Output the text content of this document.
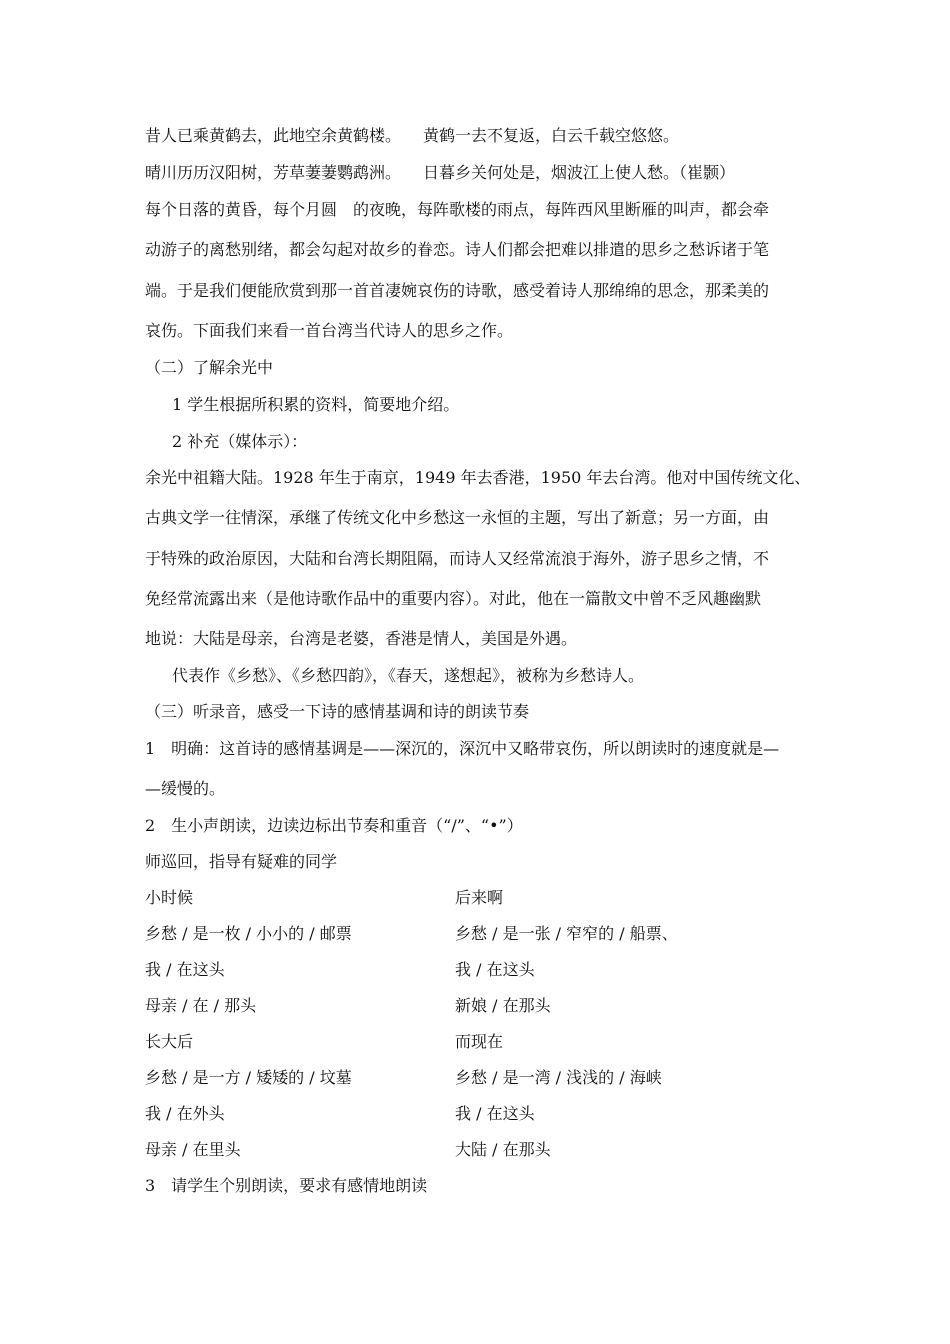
昔人已乘黄鹤去，此地空余黄鹤楼。 黄鹤一去不复返，白云千载空悠悠。
晴川历历汉阳树，芳草萋萋鹦鹉洲。 日暮乡关何处是，烟波江上使人愁。（崔颢）
每个日落的黄昏，每个月圆　的夜晚，每阵歌楼的雨点，每阵西风里断雁的叫声，都会牵
动游子的离愁别绪，都会勾起对故乡的眷恋。诗人们都会把难以排遣的思乡之愁诉诸于笔
端。于是我们便能欣赏到那一首首凄婉哀伤的诗歌，感受着诗人那绵绵的思念，那柔美的
哀伤。下面我们来看一首台湾当代诗人的思乡之作。
（二）了解余光中
1 学生根据所积累的资料，简要地介绍。
2 补充（媒体示）：
余光中祖籍大陆。1928 年生于南京，1949 年去香港，1950 年去台湾。他对中国传统文化、
古典文学一往情深，承继了传统文化中乡愁这一永恒的主题，写出了新意；另一方面，由
于特殊的政治原因，大陆和台湾长期阻隔，而诗人又经常流浪于海外，游子思乡之情，不
免经常流露出来（是他诗歌作品中的重要内容）。对此，他在一篇散文中曾不乏风趣幽默
地说：大陆是母亲，台湾是老婆，香港是情人，美国是外遇。
代表作《乡愁》、《乡愁四韵》，《春天，遂想起》，被称为乡愁诗人。
（三）听录音，感受一下诗的感情基调和诗的朗读节奏
1　明确：这首诗的感情基调是——深沉的，深沉中又略带哀伤，所以朗读时的速度就是—
—缓慢的。
2　生小声朗读，边读边标出节奏和重音（“/”、“•”）
师巡回，指导有疑难的同学
小时候	后来啊
乡愁 / 是一枚 / 小小的 / 邮票	乡愁 / 是一张 / 窄窄的 / 船票、
我 / 在这头	我 / 在这头
母亲 / 在 / 那头	新娘 / 在那头
长大后	而现在
乡愁 / 是一方 / 矮矮的 / 坟墓	乡愁 / 是一湾 / 浅浅的 / 海峡
我 / 在外头	我 / 在这头
母亲 / 在里头	大陆 / 在那头
3　请学生个别朗读，要求有感情地朗读
